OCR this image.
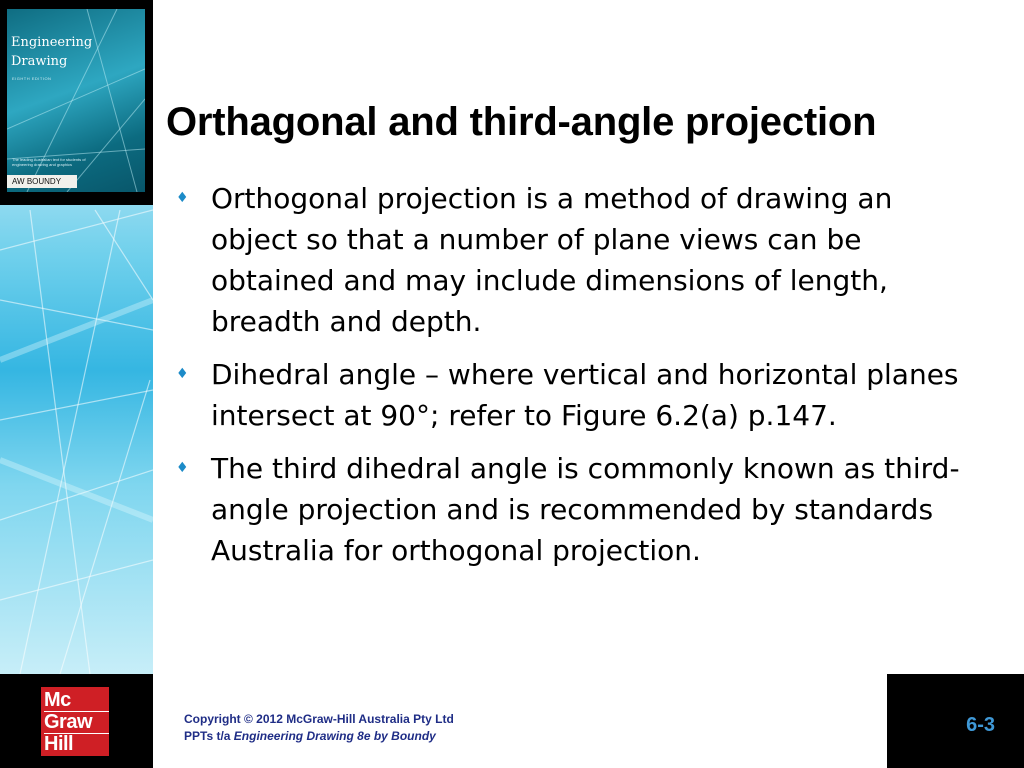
Engineering
Drawing
EIGHTH EDITION
The leading Australian text for students of engineering drawing and graphics
AW BOUNDY
Orthagonal and third-angle projection
♦ Orthogonal projection is a method of drawing an object so that a number of plane views can be obtained and may include dimensions of length, breadth and depth.
♦ Dihedral angle – where vertical and horizontal planes intersect at 90°; refer to Figure 6.2(a) p.147.
♦ The third dihedral angle is commonly known as third-angle projection and is recommended by standards Australia for orthogonal projection.
Mc
Graw
Hill
Copyright © 2012 McGraw-Hill Australia Pty Ltd
PPTs t/a Engineering Drawing 8e by Boundy	6-3
